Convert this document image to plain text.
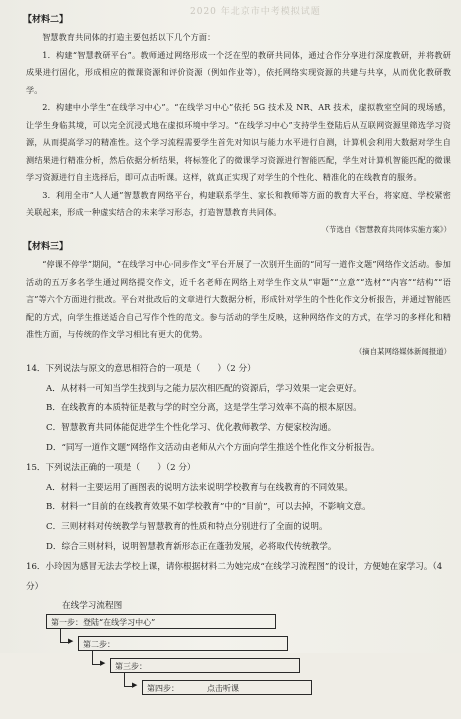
2020 年北京市中考模拟试题

【材料二】

智慧教育共同体的打造主要包括以下几个方面：

1．构建“智慧教研平台”。教师通过网络形成一个泛在型的教研共同体，通过合作分享进行深度教研，并将教研成果进行固化，形成相应的微课资源和评价资源（例如作业等），依托网络实现资源的共建与共享，从而优化教研教学。

2．构建中小学生“在线学习中心”。“在线学习中心”依托 5G 技术及 NR、AR 技术，虚拟教室空间的现场感，让学生身临其境，可以完全沉浸式地在虚拟环境中学习。“在线学习中心”支持学生登陆后从互联网资源里筛选学习资源，从而提高学习的精准性。这个学习流程需要学生首先对知识与能力水平进行自测，计算机会利用大数据对学生自测结果进行精准分析，然后依据分析结果，将标签化了的微课学习资源进行智能匹配，学生对计算机智能匹配的微课学习资源进行自主选择后，即可点击听课。这样，就真正实现了对学生的个性化、精准化的在线教育的服务。

3．利用全市“人人通”智慧教育网络平台，构建联系学生、家长和教师等方面的教育大平台，将家庭、学校紧密关联起来，形成一种虚实结合的未来学习形态，打造智慧教育共同体。

（节选自《智慧教育共同体实施方案》）

【材料三】

“停课不停学”期间，“在线学习中心·同步作文”平台开展了一次别开生面的“同写一道作文题”网络作文活动。参加活动的五万多名学生通过网络提交作文，近千名老师在网络上对学生作文从“审题”“立意”“选材”“内容”“结构”“语言”等六个方面进行批改。平台对批改后的文章进行大数据分析，形成针对学生的个性化作文分析报告，并通过智能匹配的方式，向学生推送适合自己写作个性的范文。参与活动的学生反映，这种网络作文的方式，在学习的多样化和精准性方面，与传统的作文学习相比有更大的优势。

（摘自某网络媒体新闻报道）

14．下列说法与原文的意思相符合的一项是（　　）（2 分）

A．从材料一可知当学生找到与之能力层次相匹配的资源后，学习效果一定会更好。

B．在线教育的本质特征是教与学的时空分离，这是学生学习效率不高的根本原因。

C．智慧教育共同体能促进学生个性化学习、优化教师教学、方便家校沟通。

D．“同写一道作文题”网络作文活动由老师从六个方面向学生推送个性化作文分析报告。

15．下列说法正确的一项是（　　）（2 分）

A．材料一主要运用了画图表的说明方法来说明学校教育与在线教育的不同效果。

B．材料一“目前的在线教育效果不如学校教育”中的“目前”，可以去掉，不影响文意。

C．三则材料对传统教学与智慧教育的性质和特点分别进行了全面的说明。

D．综合三则材料，说明智慧教育新形态正在蓬勃发展，必将取代传统教学。

16．小玲因为感冒无法去学校上课，请你根据材料二为她完成“在线学习流程图”的设计，方便她在家学习。（4 分）

在线学习流程图
第一步：登陆“在线学习中心”
▶	第二步：
▶	第三步：
▶	第四步：	点击听课
